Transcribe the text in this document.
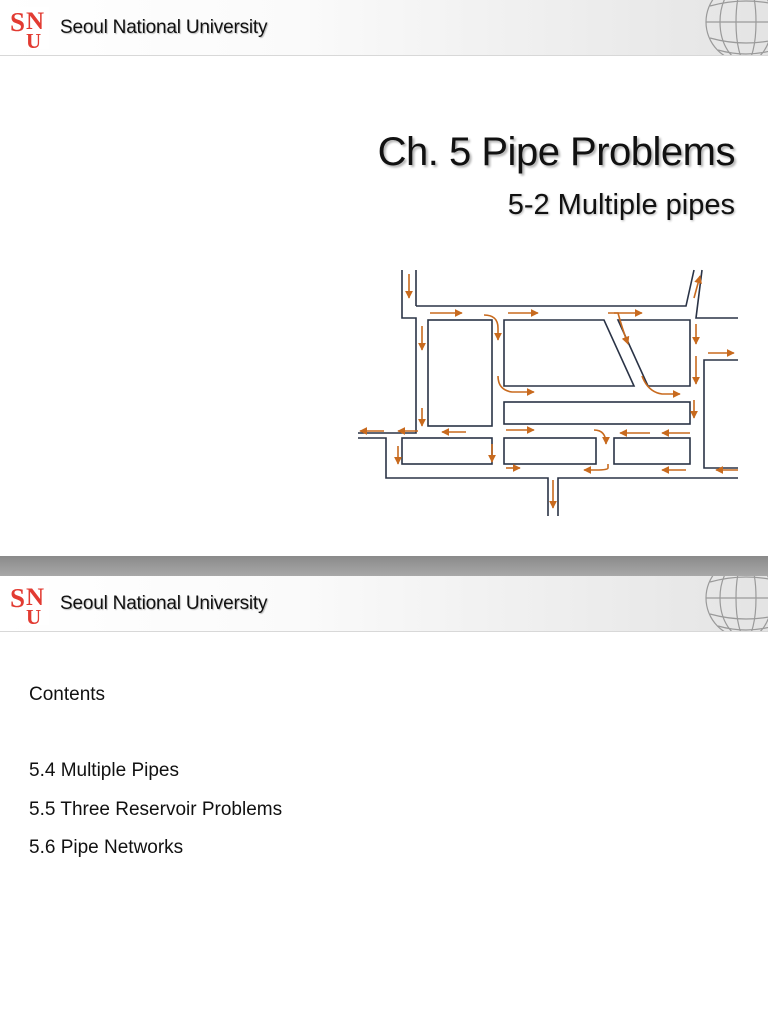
S N
U
Seoul National University
Ch. 5 Pipe Problems
5-2 Multiple pipes
S N
U
Seoul National University
Contents
5.4 Multiple Pipes
5.5 Three Reservoir Problems
5.6 Pipe Networks
